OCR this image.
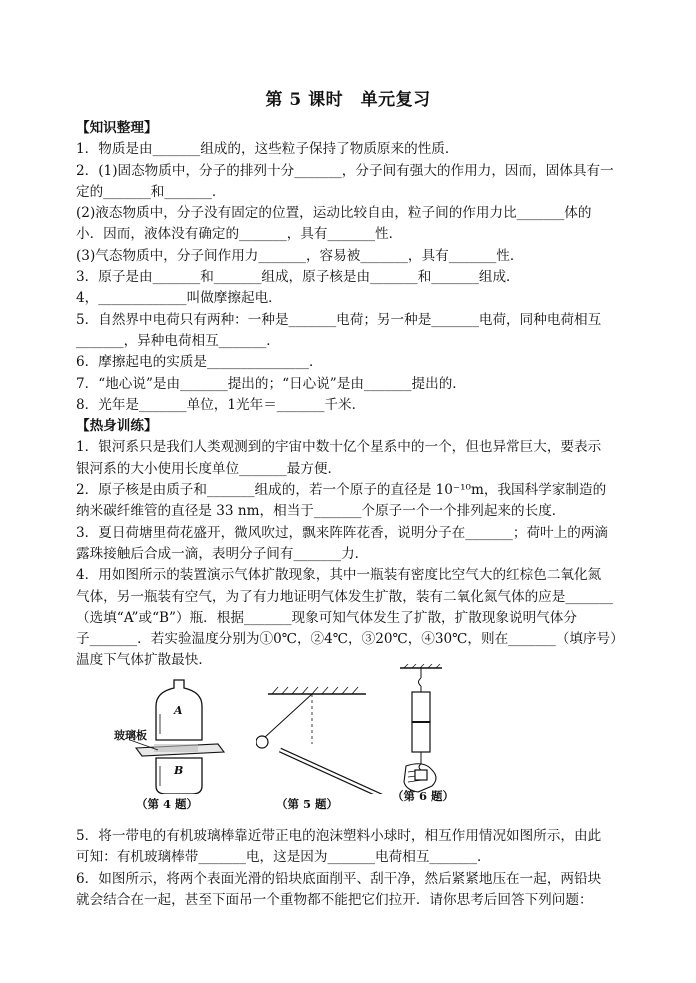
第 5 课时　单元复习
【知识整理】
1．物质是由_______组成的，这些粒子保持了物质原来的性质．
2．(1)固态物质中，分子的排列十分_______，分子间有强大的作用力，因而，固体具有一
定的_______和_______．
(2)液态物质中，分子没有固定的位置，运动比较自由，粒子间的作用力比_______体的
小．因而，液体没有确定的_______，具有_______性．
(3)气态物质中，分子间作用力_______，容易被_______，具有_______性．
3．原子是由_______和_______组成，原子核是由_______和_______组成．
4，_____________叫做摩擦起电．
5．自然界中电荷只有两种：一种是_______电荷；另一种是_______电荷，同种电荷相互
_______，异种电荷相互_______．
6．摩擦起电的实质是_______________．
7．“地心说”是由_______提出的；“日心说”是由_______提出的．
8．光年是_______单位，1光年＝_______千米．
【热身训练】
1．银河系只是我们人类观测到的宇宙中数十亿个星系中的一个，但也异常巨大，要表示
银河系的大小使用长度单位_______最方便．
2．原子核是由质子和_______组成的，若一个原子的直径是 10⁻¹⁰m，我国科学家制造的
纳米碳纤维管的直径是 33 nm，相当于_______个原子一个一个排列起来的长度．
3．夏日荷塘里荷花盛开，微风吹过，飘来阵阵花香，说明分子在_______；荷叶上的两滴
露珠接触后合成一滴，表明分子间有_______力．
4．用如图所示的装置演示气体扩散现象，其中一瓶装有密度比空气大的红棕色二氧化氮
气体，另一瓶装有空气，为了有力地证明气体发生扩散，装有二氧化氮气体的应是_______
（选填“A”或“B”）瓶．根据_______现象可知气体发生了扩散，扩散现象说明气体分
子_______．若实验温度分别为①0℃，②4℃，③20℃，④30℃，则在_______（填序号）
温度下气体扩散最快．
玻璃板
A
B
（第 4 题）	（第 5 题）
（第 6 题）
5．将一带电的有机玻璃棒靠近带正电的泡沫塑料小球时，相互作用情况如图所示，由此
可知：有机玻璃棒带_______电，这是因为_______电荷相互_______．
6．如图所示，将两个表面光滑的铅块底面削平、刮干净，然后紧紧地压在一起，两铅块
就会结合在一起，甚至下面吊一个重物都不能把它们拉开．请你思考后回答下列问题：
